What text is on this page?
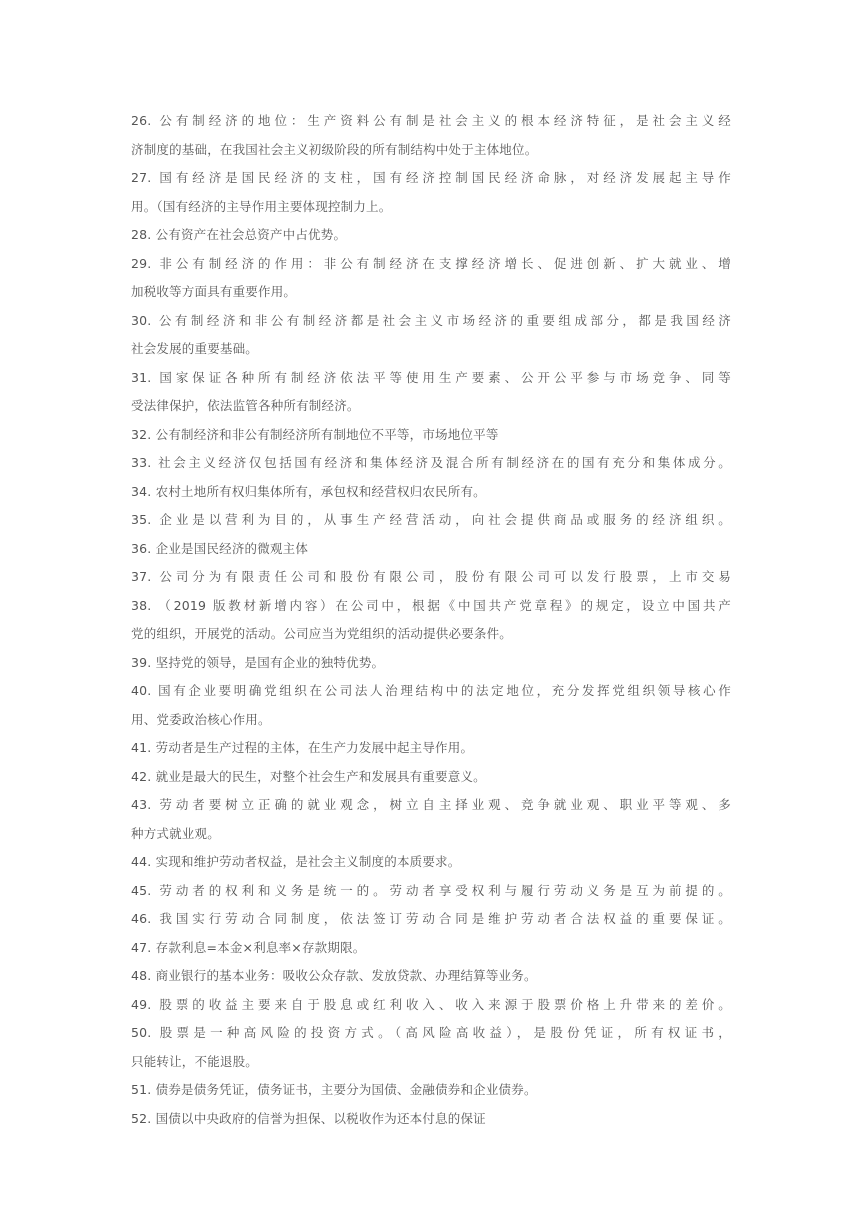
26. 公有制经济的地位：生产资料公有制是社会主义的根本经济特征，是社会主义经
济制度的基础，在我国社会主义初级阶段的所有制结构中处于主体地位。
27. 国有经济是国民经济的支柱，国有经济控制国民经济命脉，对经济发展起主导作
用。（国有经济的主导作用主要体现控制力上。
28. 公有资产在社会总资产中占优势。
29. 非公有制经济的作用：非公有制经济在支撑经济增长、促进创新、扩大就业、增
加税收等方面具有重要作用。
30. 公有制经济和非公有制经济都是社会主义市场经济的重要组成部分，都是我国经济
社会发展的重要基础。
31. 国家保证各种所有制经济依法平等使用生产要素、公开公平参与市场竞争、同等
受法律保护，依法监管各种所有制经济。
32. 公有制经济和非公有制经济所有制地位不平等，市场地位平等
33. 社会主义经济仅包括国有经济和集体经济及混合所有制经济在的国有充分和集体成分。
34. 农村土地所有权归集体所有，承包权和经营权归农民所有。
35. 企业是以营利为目的，从事生产经营活动，向社会提供商品或服务的经济组织。
36. 企业是国民经济的微观主体
37. 公司分为有限责任公司和股份有限公司，股份有限公司可以发行股票，上市交易
38. （2019 版教材新增内容）在公司中，根据《中国共产党章程》的规定，设立中国共产
党的组织，开展党的活动。公司应当为党组织的活动提供必要条件。
39. 坚持党的领导，是国有企业的独特优势。
40. 国有企业要明确党组织在公司法人治理结构中的法定地位，充分发挥党组织领导核心作
用、党委政治核心作用。
41. 劳动者是生产过程的主体，在生产力发展中起主导作用。
42. 就业是最大的民生，对整个社会生产和发展具有重要意义。
43. 劳动者要树立正确的就业观念，树立自主择业观、竞争就业观、职业平等观、多
种方式就业观。
44. 实现和维护劳动者权益，是社会主义制度的本质要求。
45. 劳动者的权利和义务是统一的。劳动者享受权利与履行劳动义务是互为前提的。
46. 我国实行劳动合同制度，依法签订劳动合同是维护劳动者合法权益的重要保证。
47. 存款利息=本金×利息率×存款期限。
48. 商业银行的基本业务：吸收公众存款、发放贷款、办理结算等业务。
49. 股票的收益主要来自于股息或红利收入、收入来源于股票价格上升带来的差价。
50. 股票是一种高风险的投资方式。（高风险高收益），是股份凭证，所有权证书，
只能转让，不能退股。
51. 债券是债务凭证，债务证书，主要分为国债、金融债券和企业债券。
52. 国债以中央政府的信誉为担保、以税收作为还本付息的保证
